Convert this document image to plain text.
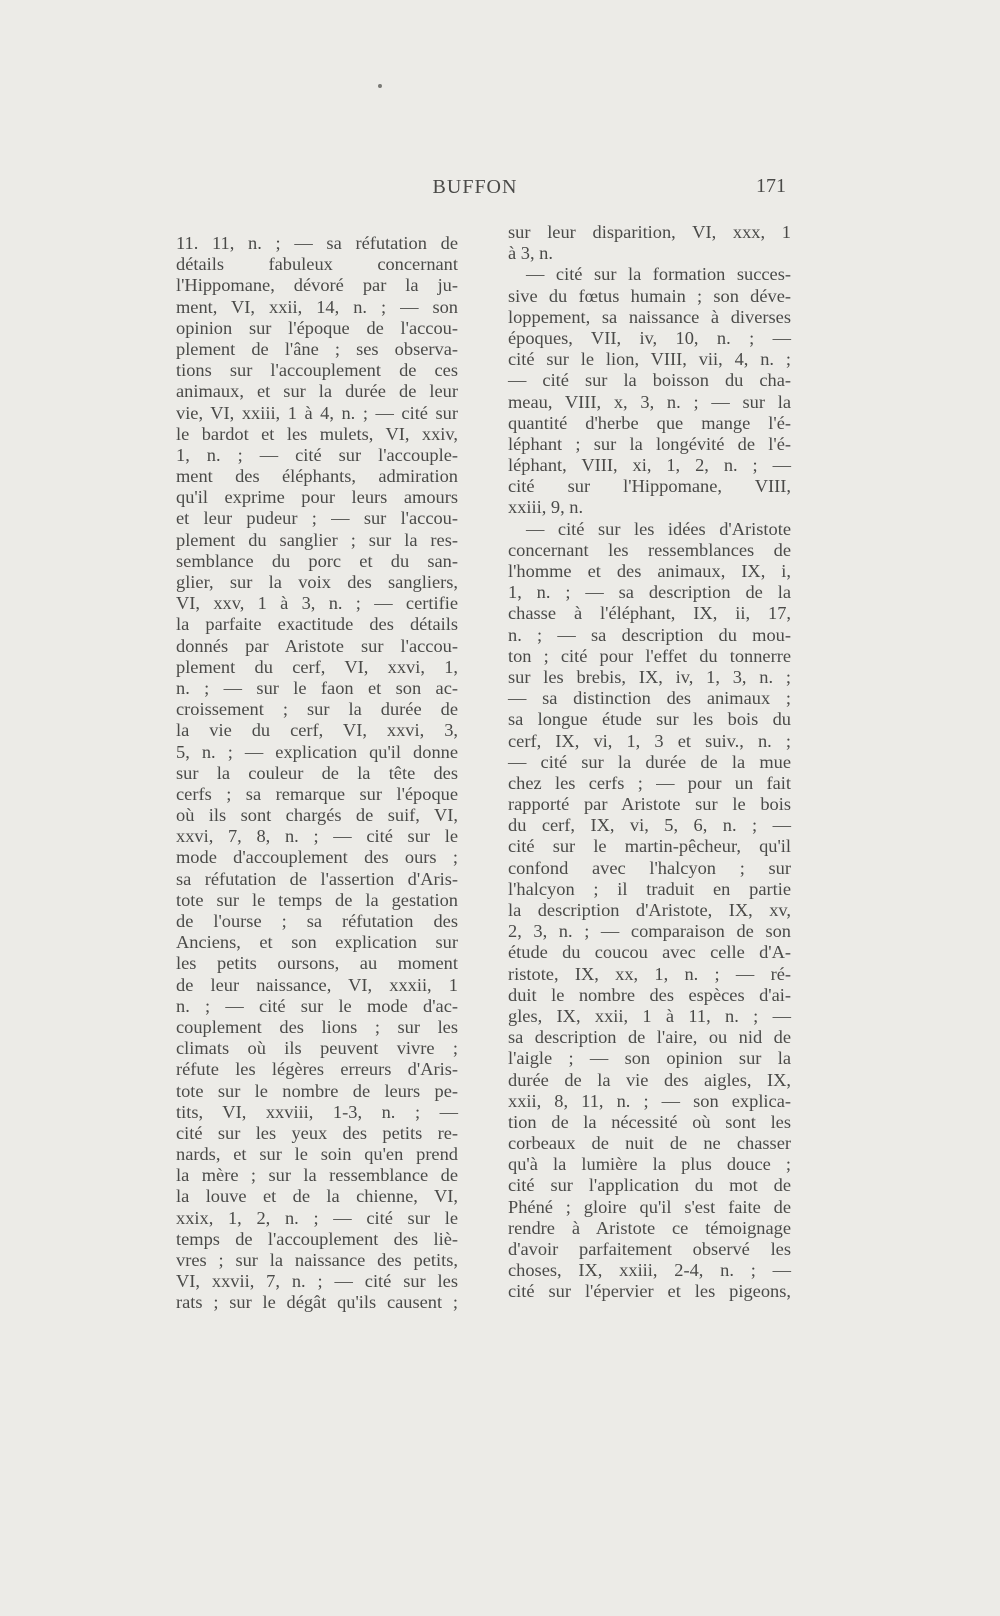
BUFFON	171
11. 11, n. ; — sa réfutation de
détails fabuleux concernant
l'Hippomane, dévoré par la ju-
ment, VI, xxii, 14, n. ; — son
opinion sur l'époque de l'accou-
plement de l'âne ; ses observa-
tions sur l'accouplement de ces
animaux, et sur la durée de leur
vie, VI, xxiii, 1 à 4, n. ; — cité sur
le bardot et les mulets, VI, xxiv,
1, n. ; — cité sur l'accouple-
ment des éléphants, admiration
qu'il exprime pour leurs amours
et leur pudeur ; — sur l'accou-
plement du sanglier ; sur la res-
semblance du porc et du san-
glier, sur la voix des sangliers,
VI, xxv, 1 à 3, n. ; — certifie
la parfaite exactitude des détails
donnés par Aristote sur l'accou-
plement du cerf, VI, xxvi, 1,
n. ; — sur le faon et son ac-
croissement ; sur la durée de
la vie du cerf, VI, xxvi, 3,
5, n. ; — explication qu'il donne
sur la couleur de la tête des
cerfs ; sa remarque sur l'époque
où ils sont chargés de suif, VI,
xxvi, 7, 8, n. ; — cité sur le
mode d'accouplement des ours ;
sa réfutation de l'assertion d'Aris-
tote sur le temps de la gestation
de l'ourse ; sa réfutation des
Anciens, et son explication sur
les petits oursons, au moment
de leur naissance, VI, xxxii, 1
n. ; — cité sur le mode d'ac-
couplement des lions ; sur les
climats où ils peuvent vivre ;
réfute les légères erreurs d'Aris-
tote sur le nombre de leurs pe-
tits, VI, xxviii, 1-3, n. ; —
cité sur les yeux des petits re-
nards, et sur le soin qu'en prend
la mère ; sur la ressemblance de
la louve et de la chienne, VI,
xxix, 1, 2, n. ; — cité sur le
temps de l'accouplement des liè-
vres ; sur la naissance des petits,
VI, xxvii, 7, n. ; — cité sur les
rats ; sur le dégât qu'ils causent ;
sur leur disparition, VI, xxx, 1
à 3, n.
— cité sur la formation succes-
sive du fœtus humain ; son déve-
loppement, sa naissance à diverses
époques, VII, iv, 10, n. ; —
cité sur le lion, VIII, vii, 4, n. ;
— cité sur la boisson du cha-
meau, VIII, x, 3, n. ; — sur la
quantité d'herbe que mange l'é-
léphant ; sur la longévité de l'é-
léphant, VIII, xi, 1, 2, n. ; —
cité sur l'Hippomane, VIII,
xxiii, 9, n.
— cité sur les idées d'Aristote
concernant les ressemblances de
l'homme et des animaux, IX, i,
1, n. ; — sa description de la
chasse à l'éléphant, IX, ii, 17,
n. ; — sa description du mou-
ton ; cité pour l'effet du tonnerre
sur les brebis, IX, iv, 1, 3, n. ;
— sa distinction des animaux ;
sa longue étude sur les bois du
cerf, IX, vi, 1, 3 et suiv., n. ;
— cité sur la durée de la mue
chez les cerfs ; — pour un fait
rapporté par Aristote sur le bois
du cerf, IX, vi, 5, 6, n. ; —
cité sur le martin-pêcheur, qu'il
confond avec l'halcyon ; sur
l'halcyon ; il traduit en partie
la description d'Aristote, IX, xv,
2, 3, n. ; — comparaison de son
étude du coucou avec celle d'A-
ristote, IX, xx, 1, n. ; — ré-
duit le nombre des espèces d'ai-
gles, IX, xxii, 1 à 11, n. ; —
sa description de l'aire, ou nid de
l'aigle ; — son opinion sur la
durée de la vie des aigles, IX,
xxii, 8, 11, n. ; — son explica-
tion de la nécessité où sont les
corbeaux de nuit de ne chasser
qu'à la lumière la plus douce ;
cité sur l'application du mot de
Phéné ; gloire qu'il s'est faite de
rendre à Aristote ce témoignage
d'avoir parfaitement observé les
choses, IX, xxiii, 2-4, n. ; —
cité sur l'épervier et les pigeons,
